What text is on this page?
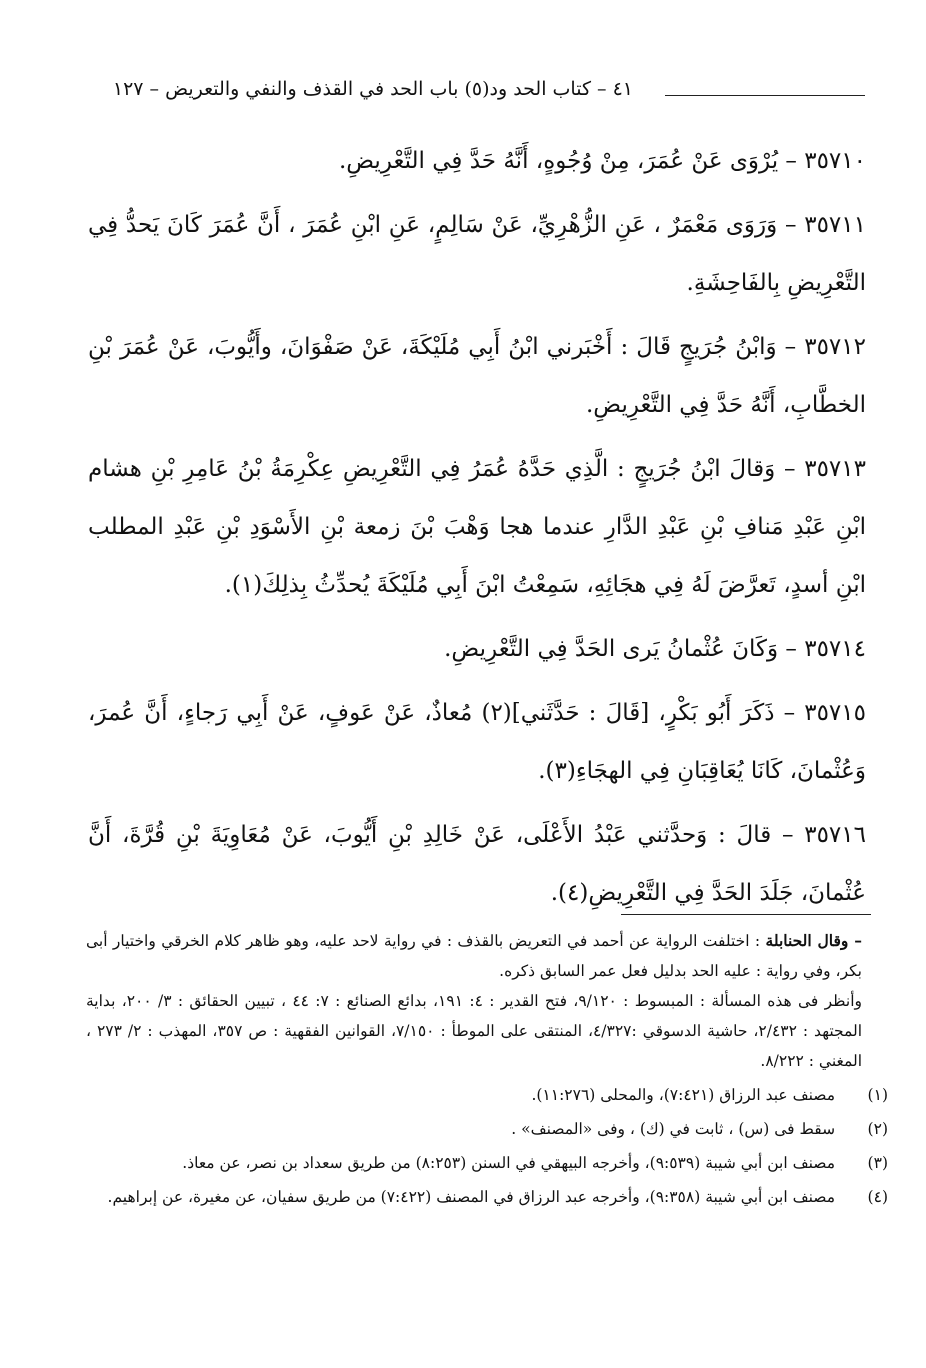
٤١ – كتاب الحد ود(٥) باب الحد في القذف والنفي والتعريض – ١٢٧

٣٥٧١٠ – يُرْوَى عَنْ عُمَرَ، مِنْ وُجُوهٍ، أَنَّهُ حَدَّ فِي التَّعْرِيضِ.

٣٥٧١١ – وَرَوَى مَعْمَرٌ ، عَنِ الزُّهْرِيِّ، عَنْ سَالِمٍ، عَنِ ابْنِ عُمَرَ ، أَنَّ عُمَرَ كَانَ يَحدُّ فِي التَّعْرِيضِ بِالفَاحِشَةِ.

٣٥٧١٢ – وَابْنُ جُرَيجٍ قَالَ : أَخْبَرني ابْنُ أَبِي مُلَيْكَةَ، عَنْ صَفْوَانَ، وأَيُّوبَ، عَنْ عُمَرَ بْنِ الخطَّابِ، أَنَّهُ حَدَّ فِي التَّعْرِيضِ.

٣٥٧١٣ – وَقالَ ابْنُ جُرَيجٍ : الَّذِي حَدَّهُ عُمَرُ فِي التَّعْرِيضِ عِكْرِمَةُ بْنُ عَامِرِ بْنِ هشام ابْنِ عَبْدِ مَنافِ بْنِ عَبْدِ الدَّارِ عندما هجا وَهْبَ بْنَ زمعة بْنِ الأَسْوَدِ بْنِ عَبْدِ المطلب ابْنِ أسدٍ، تَعرَّضَ لَهُ فِي هجَائِهِ، سَمِعْتُ ابْنَ أَبِي مُلَيْكَةَ يُحدِّثُ بِذلِكَ(١).

٣٥٧١٤ – وَكَانَ عُثْمانُ يَرى الحَدَّ فِي التَّعْرِيضِ.

٣٥٧١٥ – ذَكَرَ أَبُو بَكْرٍ، [قَالَ : حَدَّثَني](٢) مُعاذٌ، عَنْ عَوفٍ، عَنْ أَبِي رَجاءٍ، أَنَّ عُمرَ، وَعُثْمانَ، كَانَا يُعَاقِبَانِ فِي الهجَاءِ(٣).

٣٥٧١٦ – قالَ : وَحدَّثني عَبْدُ الأَعْلَى، عَنْ خَالِدِ بْنِ أَيُّوبَ، عَنْ مُعَاوِيَةَ بْنِ قُرَّةَ، أَنَّ عُثْمانَ، جَلَدَ الحَدَّ فِي التَّعْرِيضِ(٤).

– وقال الحنابلة : اختلفت الرواية عن أحمد في التعريض بالقذف : في رواية لاحد عليه، وهو ظاهر كلام الخرقي واختيار أبى بكر، وفي رواية : عليه الحد بدليل فعل عمر السابق ذكره.

وأنظر فى هذه المسألة : المبسوط : ٩/١٢٠، فتح القدير : ٤: ١٩١، بدائع الصنائع : ٧: ٤٤ ، تبيين الحقائق : ٣/ ٢٠٠، بداية المجتهد : ٢/٤٣٢، حاشية الدسوقي :٤/٣٢٧، المنتقى على الموطأ : ٧/١٥٠، القوانين الفقهية : ص ٣٥٧، المهذب : ٢/ ٢٧٣ ، المغني : ٨/٢٢٢.

(١) مصنف عبد الرزاق (٧:٤٢١)، والمحلى (١١:٢٧٦).

(٢) سقط فى (س) ، ثابت في (ك) ، وفى «المصنف» .

(٣) مصنف ابن أبي شيبة (٩:٥٣٩)، وأخرجه البيهقي في السنن (٨:٢٥٣) من طريق سعداد بن نصر، عن معاذ.

(٤) مصنف ابن أبي شيبة (٩:٣٥٨)، وأخرجه عبد الرزاق في المصنف (٧:٤٢٢) من طريق سفيان، عن مغيرة، عن إبراهيم.
